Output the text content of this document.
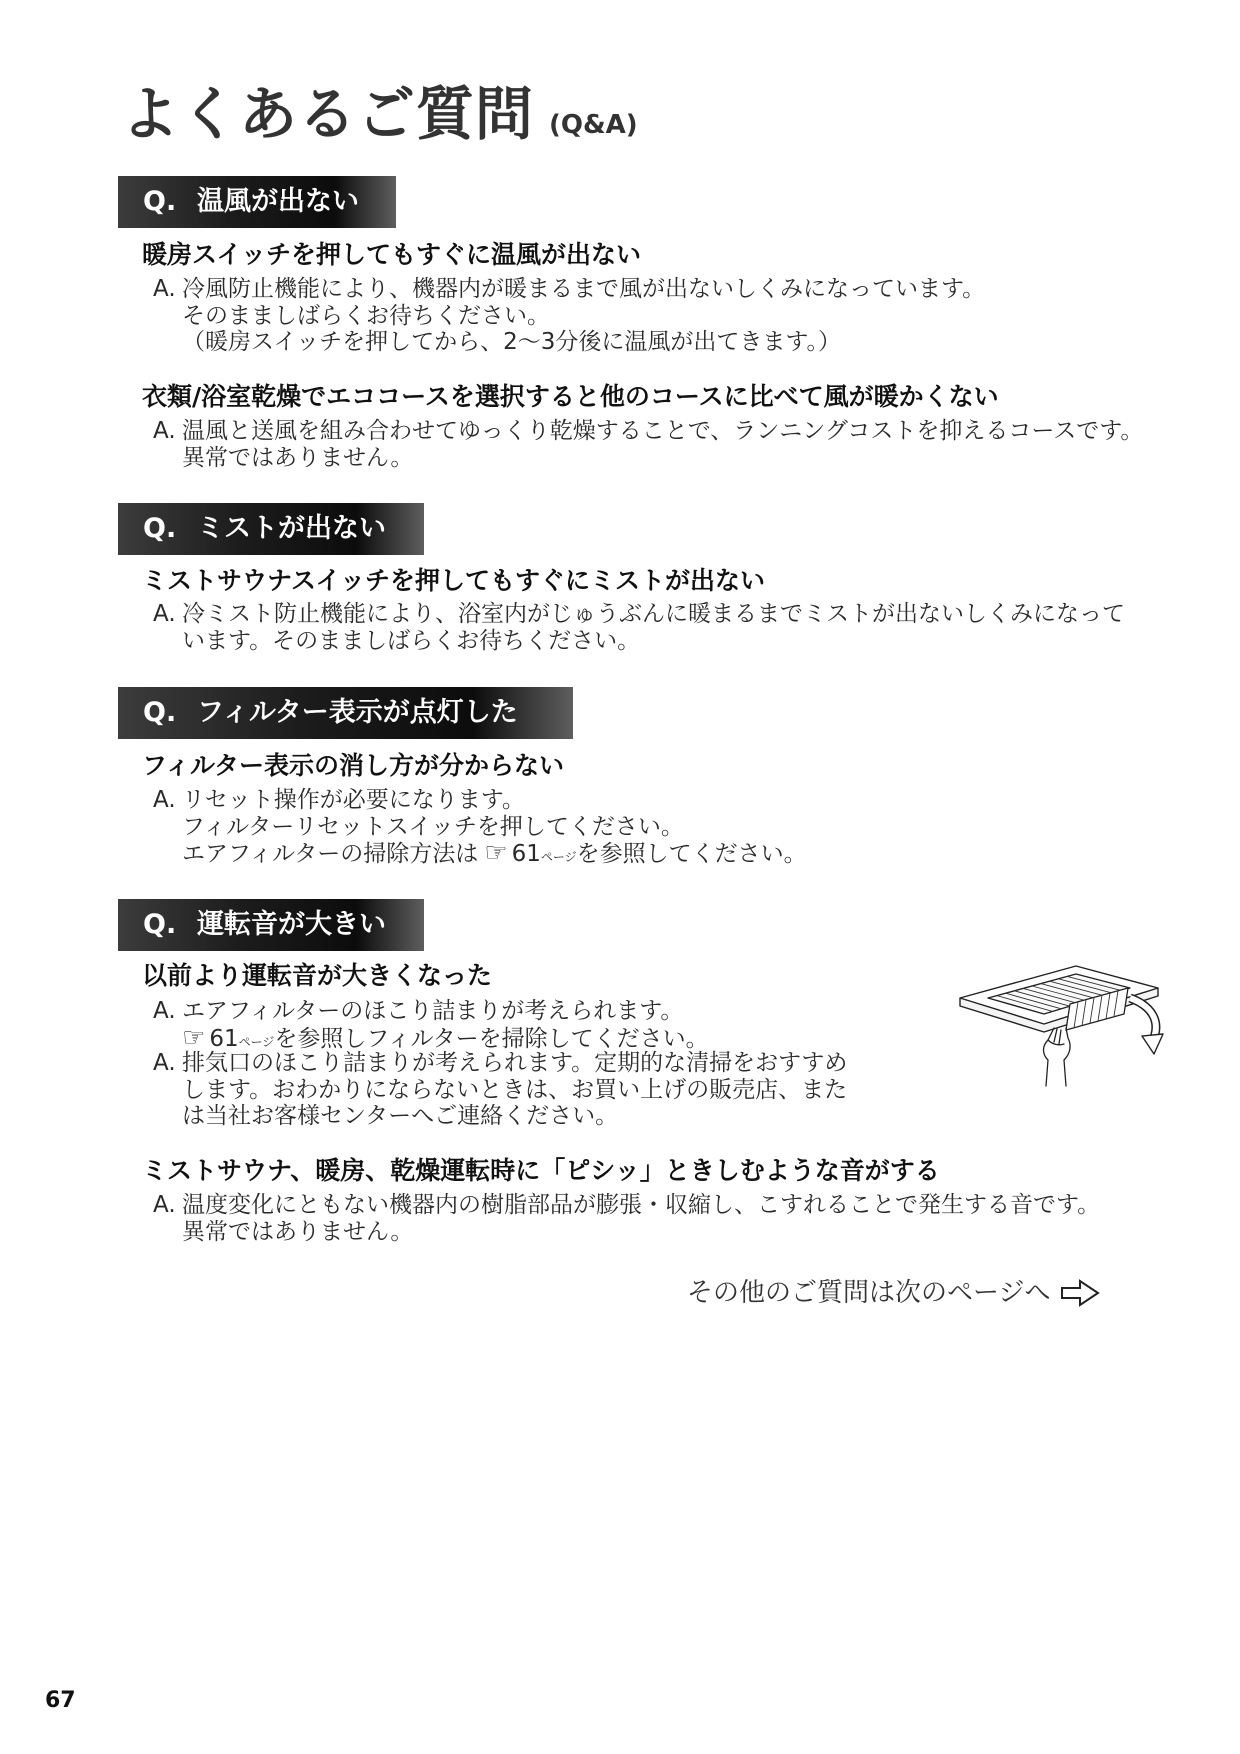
よくあるご質問 (Q&A)
Q. 温風が出ない
暖房スイッチを押してもすぐに温風が出ない
A. 冷風防止機能により、機器内が暖まるまで風が出ないしくみになっています。
そのまましばらくお待ちください。
（暖房スイッチを押してから、2〜3分後に温風が出てきます。）
衣類/浴室乾燥でエココースを選択すると他のコースに比べて風が暖かくない
A. 温風と送風を組み合わせてゆっくり乾燥することで、ランニングコストを抑えるコースです。
異常ではありません。
Q. ミストが出ない
ミストサウナスイッチを押してもすぐにミストが出ない
A. 冷ミスト防止機能により、浴室内がじゅうぶんに暖まるまでミストが出ないしくみになって
います。そのまましばらくお待ちください。
Q. フィルター表示が点灯した
フィルター表示の消し方が分からない
A. リセット操作が必要になります。
フィルターリセットスイッチを押してください。
エアフィルターの掃除方法は☞ 61ページを参照してください。
Q. 運転音が大きい
以前より運転音が大きくなった
A. エアフィルターのほこり詰まりが考えられます。
☞61ページを参照しフィルターを掃除してください。
A. 排気口のほこり詰まりが考えられます。定期的な清掃をおすすめ
します。おわかりにならないときは、お買い上げの販売店、また
は当社お客様センターへご連絡ください。
ミストサウナ、暖房、乾燥運転時に「ピシッ」ときしむような音がする
A. 温度変化にともない機器内の樹脂部品が膨張・収縮し、こすれることで発生する音です。
異常ではありません。
その他のご質問は次のページへ
67
